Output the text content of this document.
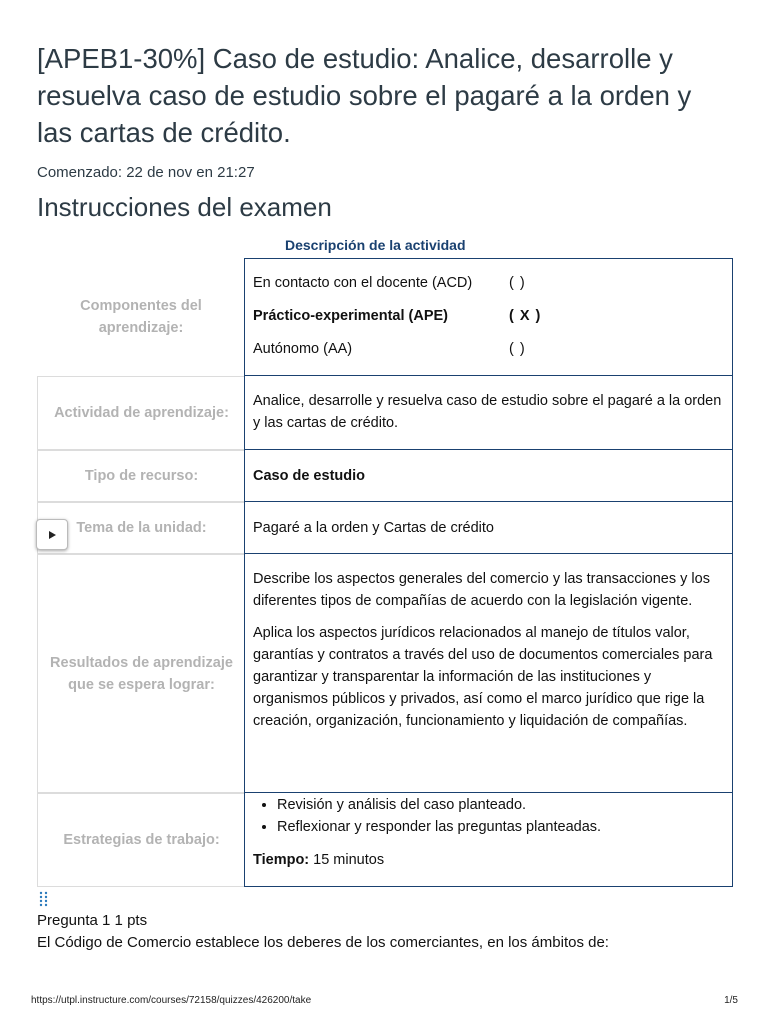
[APEB1-30%] Caso de estudio: Analice, desarrolle y resuelva caso de estudio sobre el pagaré a la orden y las cartas de crédito.
Comenzado: 22 de nov en 21:27
Instrucciones del examen
Descripción de la actividad
Componentes del aprendizaje:
En contacto con el docente (ACD)	( )
Práctico-experimental (APE)	( X )
Autónomo (AA)	( )
Actividad de aprendizaje:

Analice, desarrolle y resuelva caso de estudio sobre el pagaré a la orden y las cartas de crédito.

Tipo de recurso:	Caso de estudio

Tema de la unidad:	Pagaré a la orden y Cartas de crédito

Resultados de aprendizaje que se espera lograr:

Describe los aspectos generales del comercio y las transacciones y los diferentes tipos de compañías de acuerdo con la legislación vigente.

Aplica los aspectos jurídicos relacionados al manejo de títulos valor, garantías y contratos a través del uso de documentos comerciales para garantizar y transparentar la información de las instituciones y organismos públicos y privados, así como el marco jurídico que rige la creación, organización, funcionamiento y liquidación de compañías.

Estrategias de trabajo:
• Revisión y análisis del caso planteado.
• Reflexionar y responder las preguntas planteadas.

Tiempo: 15 minutos

Pregunta 1 1 pts
El Código de Comercio establece los deberes de los comerciantes, en los ámbitos de:
https://utpl.instructure.com/courses/72158/quizzes/426200/take	1/5
